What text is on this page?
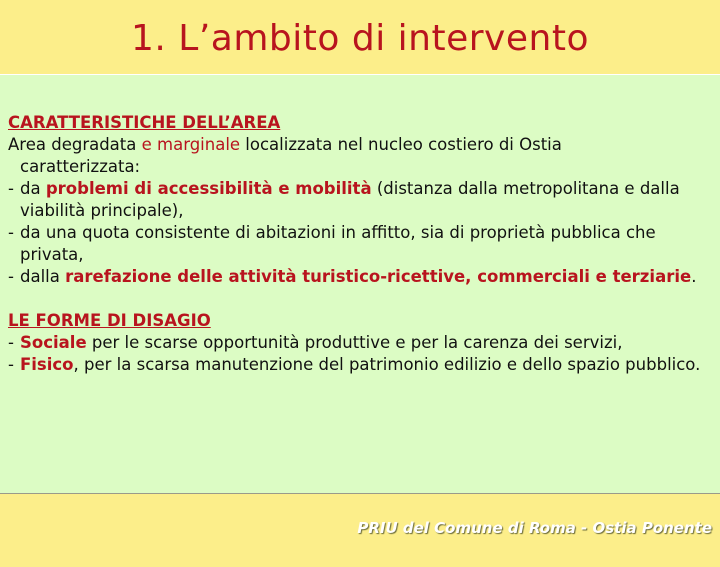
1. L’ambito di intervento
CARATTERISTICHE DELL’AREA
Area degradata e marginale localizzata nel nucleo costiero di Ostia
caratterizzata:
- da problemi di accessibilità e mobilità (distanza dalla metropolitana e dalla viabilità principale),
- da una quota consistente di abitazioni in affitto, sia di proprietà pubblica che privata,
- dalla rarefazione delle attività turistico-ricettive, commerciali e terziarie.
LE FORME DI DISAGIO
- Sociale per le scarse opportunità produttive e per la carenza dei servizi,
- Fisico, per la scarsa manutenzione del patrimonio edilizio e dello spazio pubblico.
PRIU del Comune di Roma - Ostia Ponente
